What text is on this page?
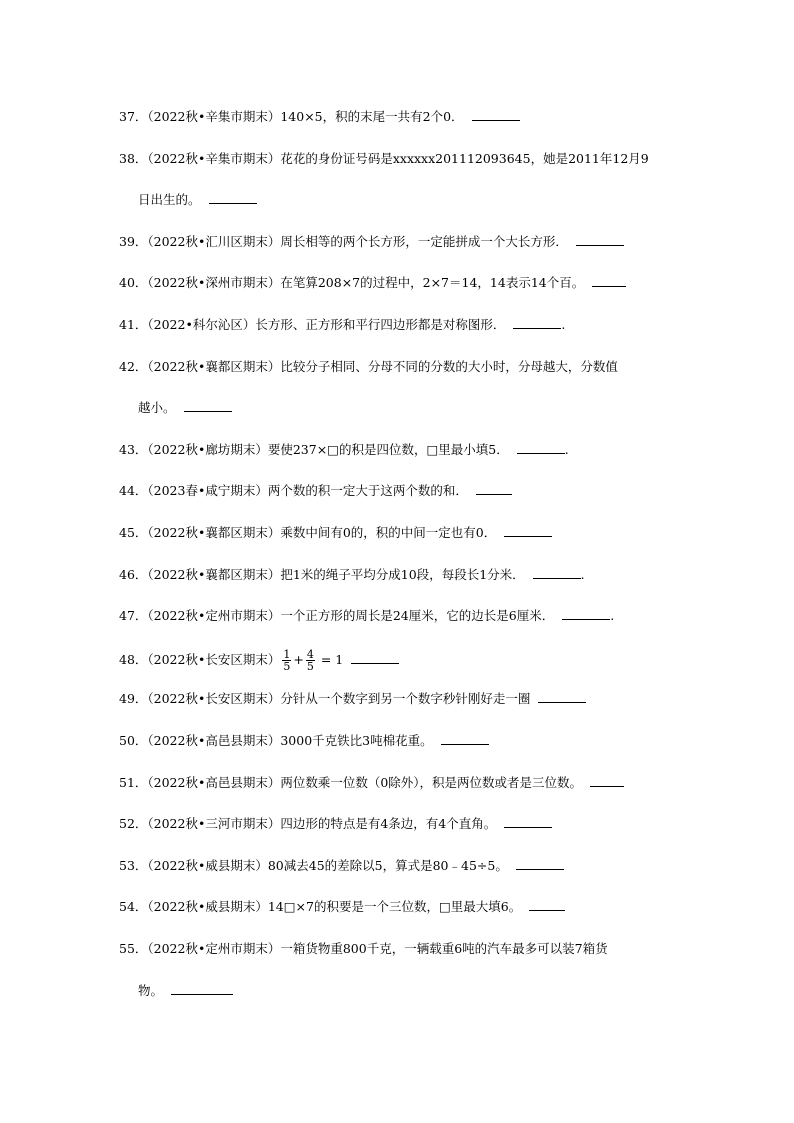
37．（2022秋•辛集市期末）140×5，积的末尾一共有2个0．
38．（2022秋•辛集市期末）花花的身份证号码是xxxxxx201112093645，她是2011年12月9
日出生的。
39．（2022秋•汇川区期末）周长相等的两个长方形，一定能拼成一个大长方形．
40．（2022秋•深州市期末）在笔算208×7的过程中，2×7＝14，14表示14个百。
41．（2022•科尔沁区）长方形、正方形和平行四边形都是对称图形．	.
42．（2022秋•襄都区期末）比较分子相同、分母不同的分数的大小时，分母越大，分数值
越小。
43．（2022秋•廊坊期末）要使237×□的积是四位数，□里最小填5．	.
44．（2023春•咸宁期末）两个数的积一定大于这两个数的和．
45．（2022秋•襄都区期末）乘数中间有0的，积的中间一定也有0．
46．（2022秋•襄都区期末）把1米的绳子平均分成10段，每段长1分米．	.
47．（2022秋•定州市期末）一个正方形的周长是24厘米，它的边长是6厘米．	.
48．（2022秋•长安区期末） $\frac{1}{5} + \frac{4}{5} = 1$
49．（2022秋•长安区期末）分针从一个数字到另一个数字秒针刚好走一圈
50．（2022秋•高邑县期末）3000千克铁比3吨棉花重。
51．（2022秋•高邑县期末）两位数乘一位数（0除外），积是两位数或者是三位数。
52．（2022秋•三河市期末）四边形的特点是有4条边，有4个直角。
53．（2022秋•威县期末）80减去45的差除以5，算式是80﹣45÷5。
54．（2022秋•威县期末）14□×7的积要是一个三位数，□里最大填6。
55．（2022秋•定州市期末）一箱货物重800千克，一辆载重6吨的汽车最多可以装7箱货
物。
